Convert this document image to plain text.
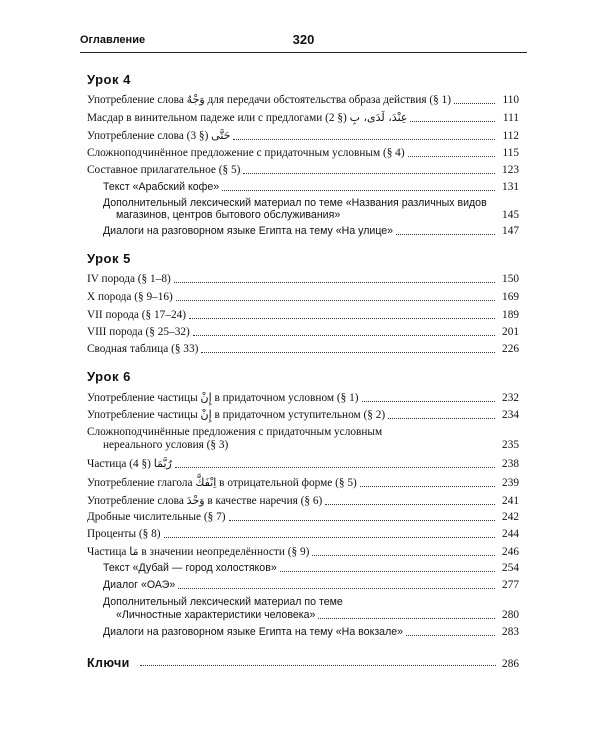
Оглавление	320
Урок 4
Употребление слова وَجْهٌ для передачи обстоятельства образа действия (§ 1)	110
Масдар в винительном падеже или с предлогами عِنْدَ، لَدَى، بِ (§ 2)	111
Употребление слова حَتَّى (§ 3)	112
Сложноподчинённое предложение с придаточным условным (§ 4)	115
Составное прилагательное (§ 5)	123
Текст «Арабский кофе»	131
Дополнительный лексический материал по теме «Названия различных видов
магазинов, центров бытового обслуживания»	145
Диалоги на разговорном языке Египта на тему «На улице»	147
Урок 5
IV порода (§ 1–8)	150
X порода (§ 9–16)	169
VII порода (§ 17–24)	189
VIII порода (§ 25–32)	201
Сводная таблица (§ 33)	226
Урок 6
Употребление частицы إِنْ в придаточном условном (§ 1)	232
Употребление частицы إِنْ в придаточном уступительном (§ 2)	234
Сложноподчинённые предложения с придаточным условным
нереального условия (§ 3)	235
Частица رُبَّمَا (§ 4)	238
Употребление глагола اِنْفَكَّ в отрицательной форме (§ 5)	239
Употребление слова وَحْدَ в качестве наречия (§ 6)	241
Дробные числительные (§ 7)	242
Проценты (§ 8)	244
Частица مَا в значении неопределённости (§ 9)	246
Текст «Дубай — город холостяков»	254
Диалог «ОАЭ»	277
Дополнительный лексический материал по теме
«Личностные характеристики человека»	280
Диалоги на разговорном языке Египта на тему «На вокзале»	283
Ключи	286
